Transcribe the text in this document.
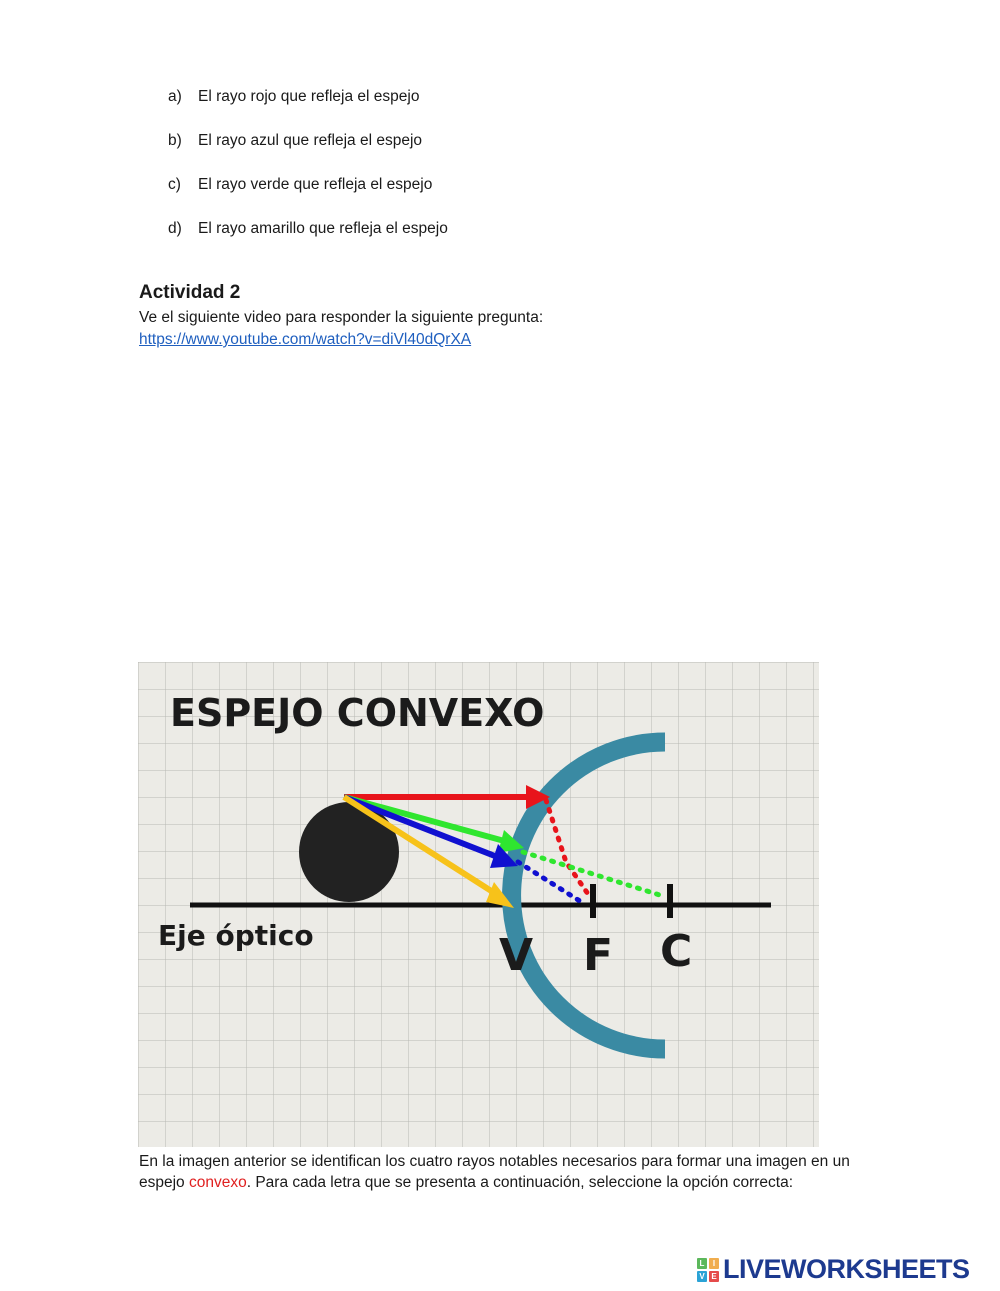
a)	El rayo rojo que refleja el espejo
b)	El rayo azul que refleja el espejo
c)	El rayo verde que refleja el espejo
d)	El rayo amarillo que refleja el espejo
Actividad 2

Ve el siguiente video para responder la siguiente pregunta:

https://www.youtube.com/watch?v=diVl40dQrXA
ESPEJO CONVEXO
Eje óptico	V F C

En la imagen anterior se identifican los cuatro rayos notables necesarios para formar una imagen en un espejo convexo. Para cada letra que se presenta a continuación, seleccione la opción correcta:

L	I
V E LIVEWORKSHEETS
